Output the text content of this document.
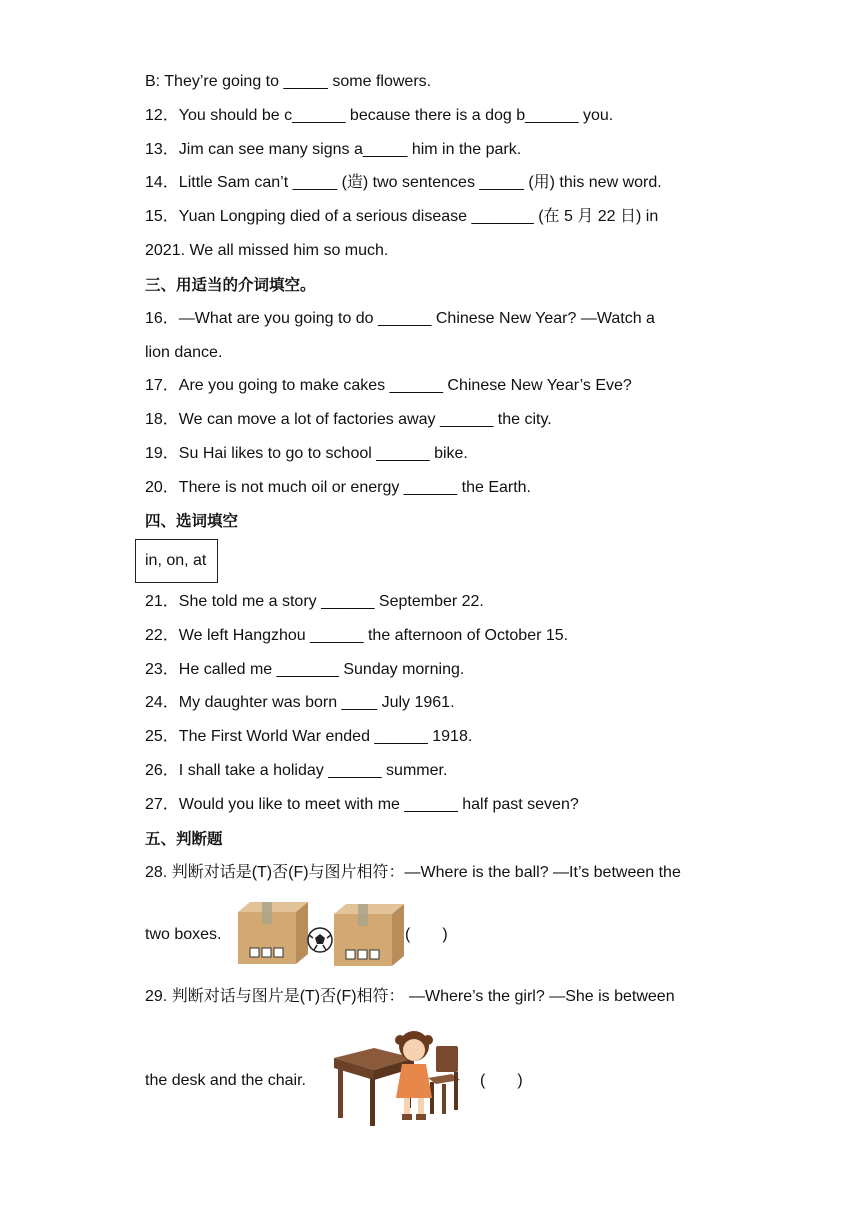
B: They’re going to _____ some flowers.
12．You should be c______ because there is a dog b______ you.
13．Jim can see many signs a_____ him in the park.
14．Little Sam can’t _____ (造) two sentences _____ (用) this new word.
15．Yuan Longping died of a serious disease _______ (在 5 月 22 日) in
2021. We all missed him so much.
三、用适当的介词填空。
16．—What are you going to do ______ Chinese New Year? —Watch a
lion dance.
17．Are you going to make cakes ______ Chinese New Year’s Eve?
18．We can move a lot of factories away ______ the city.
19．Su Hai likes to go to school ______ bike.
20．There is not much oil or energy ______ the Earth.
四、选词填空
in, on, at
21．She told me a story ______ September 22.
22．We left Hangzhou ______ the afternoon of October 15.
23．He called me _______ Sunday morning.
24．My daughter was born ____ July 1961.
25．The First World War ended ______ 1918.
26．I shall take a holiday ______ summer.
27．Would you like to meet with me ______ half past seven?
五、判断题
28. 判断对话是(T)否(F)与图片相符：—Where is the ball? —It’s between the
two boxes.	(　　)
29. 判断对话与图片是(T)否(F)相符： —Where’s the girl? —She is between
the desk and the chair.	(　　)
